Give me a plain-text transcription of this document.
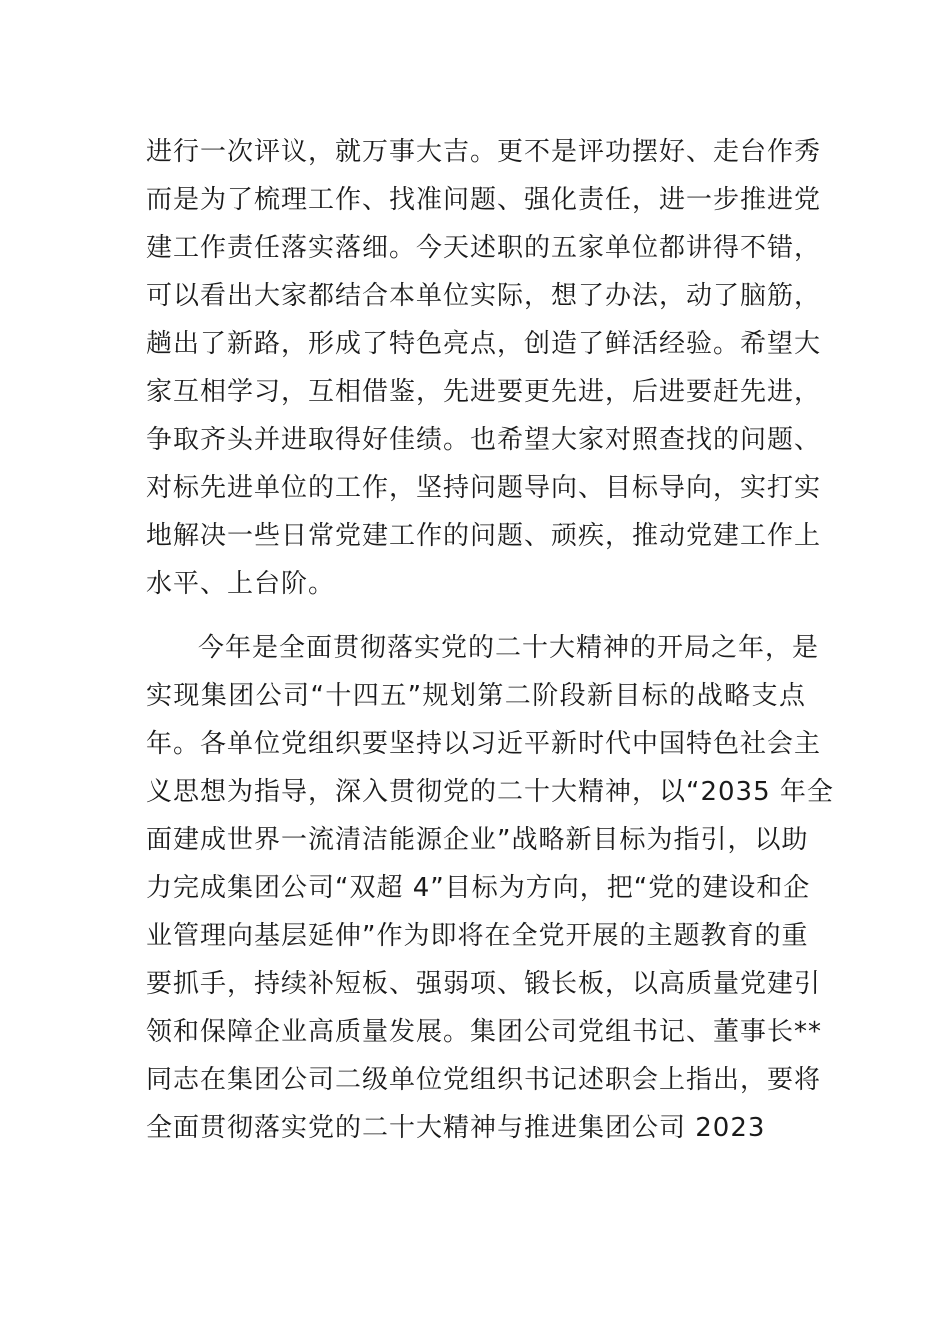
进行一次评议，就万事大吉。更不是评功摆好、走台作秀
而是为了梳理工作、找准问题、强化责任，进一步推进党
建工作责任落实落细。今天述职的五家单位都讲得不错，
可以看出大家都结合本单位实际，想了办法，动了脑筋，
趟出了新路，形成了特色亮点，创造了鲜活经验。希望大
家互相学习，互相借鉴，先进要更先进，后进要赶先进，
争取齐头并进取得好佳绩。也希望大家对照查找的问题、
对标先进单位的工作，坚持问题导向、目标导向，实打实
地解决一些日常党建工作的问题、顽疾，推动党建工作上
水平、上台阶。
今年是全面贯彻落实党的二十大精神的开局之年，是
实现集团公司“十四五”规划第二阶段新目标的战略支点
年。各单位党组织要坚持以习近平新时代中国特色社会主
义思想为指导，深入贯彻党的二十大精神，以“2035 年全
面建成世界一流清洁能源企业”战略新目标为指引，以助
力完成集团公司“双超 4”目标为方向，把“党的建设和企
业管理向基层延伸”作为即将在全党开展的主题教育的重
要抓手，持续补短板、强弱项、锻长板，以高质量党建引
领和保障企业高质量发展。集团公司党组书记、董事长**
同志在集团公司二级单位党组织书记述职会上指出，要将
全面贯彻落实党的二十大精神与推进集团公司 2023
